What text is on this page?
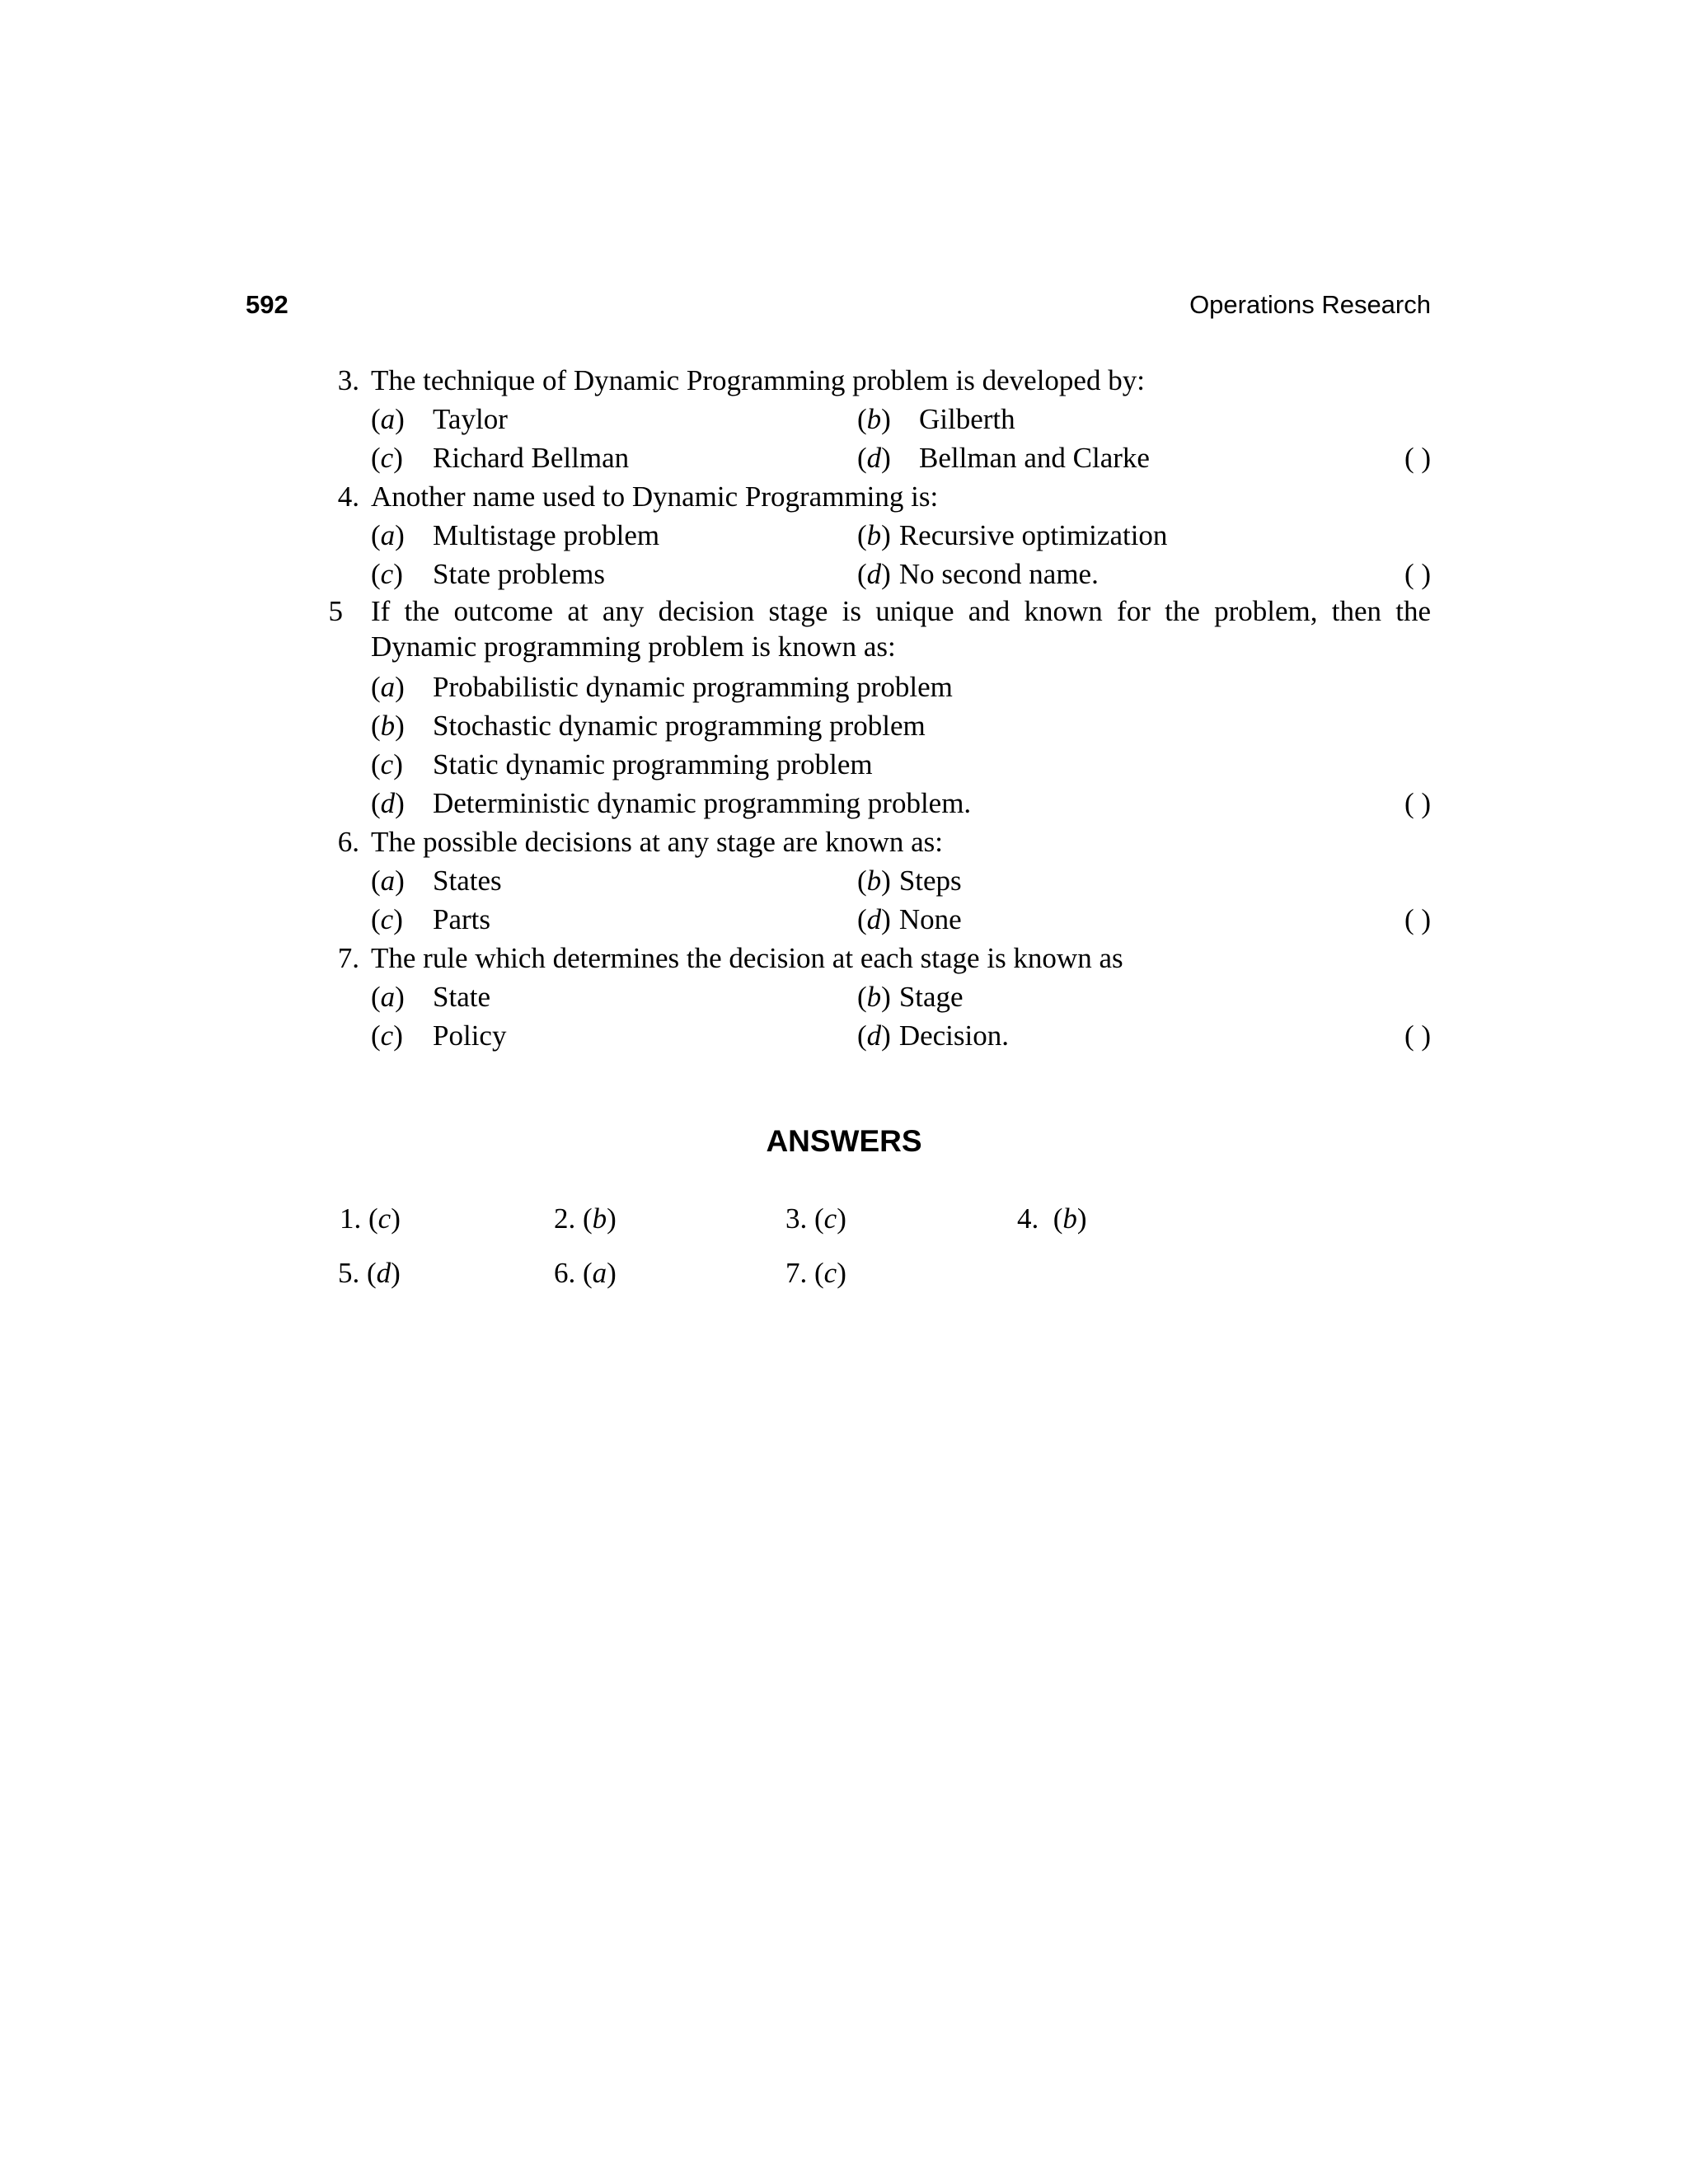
592	Operations Research
3. The technique of Dynamic Programming problem is developed by:
(a) Taylor	(b) Gilberth
(c) Richard Bellman	(d) Bellman and Clarke	( )
4. Another name used to Dynamic Programming is:
(a) Multistage problem	(b) Recursive optimization
(c) State problems	(d) No second name.	( )
5 If the outcome at any decision stage is unique and known for the problem, then the Dynamic programming problem is known as:
(a) Probabilistic dynamic programming problem
(b) Stochastic dynamic programming problem
(c) Static dynamic programming problem
(d) Deterministic dynamic programming problem.	( )
6. The possible decisions at any stage are known as:
(a) States	(b) Steps
(c) Parts	(d) None	( )
7. The rule which determines the decision at each stage is known as
(a) State	(b) Stage
(c) Policy	(d) Decision.	( )
ANSWERS
1. (c)	2. (b)	3. (c)	4.  (b)
5. (d)	6. (a)	7. (c)
